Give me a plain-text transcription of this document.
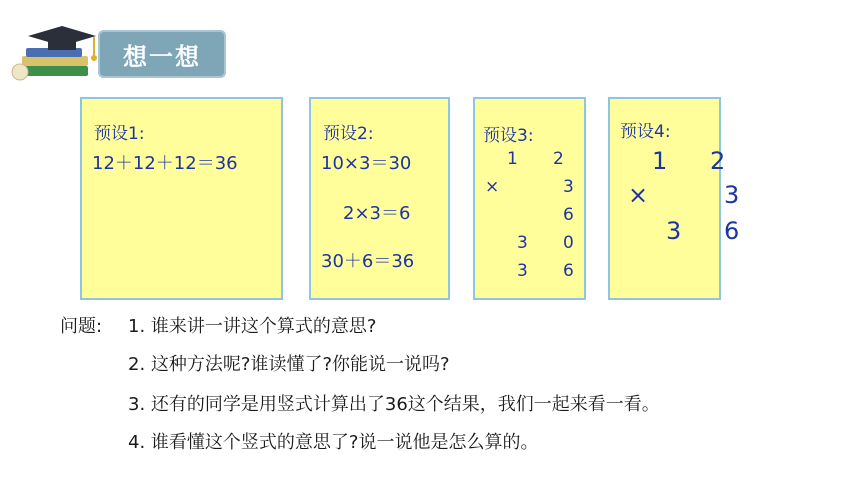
想一想
预设1:
12＋12＋12＝36
预设2:
10×3＝30
2×3＝6
30＋6＝36
预设3:
1 2
×	3
6
3 0
3 6
预设4:
1 2
×	3
3 6
问题: 1. 谁来讲一讲这个算式的意思?
2. 这种方法呢?谁读懂了?你能说一说吗?
3. 还有的同学是用竖式计算出了36这个结果，我们一起来看一看。
4. 谁看懂这个竖式的意思了?说一说他是怎么算的。
